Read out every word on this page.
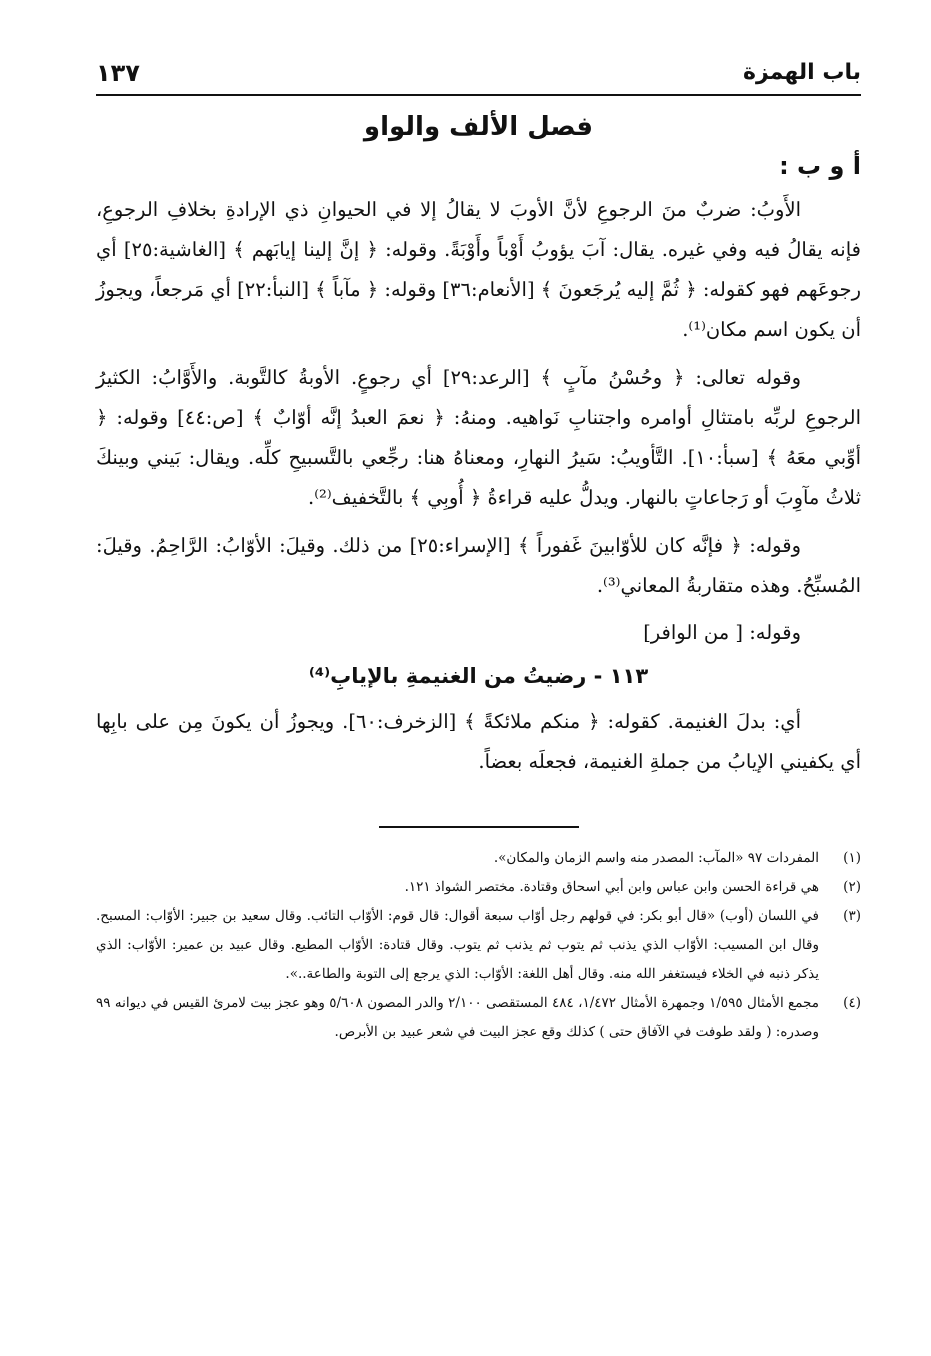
باب الهمزة
١٣٧
فصل الألف والواو
أ و ب :

الأَوبُ: ضربٌ منَ الرجوعِ لأنَّ الأوبَ لا يقالُ إلا في الحيوانِ ذي الإرادةِ بخلافِ الرجوعِ، فإنه يقالُ فيه وفي غيره. يقال: آبَ يؤوبُ أَوْباً وأَوْبَةً. وقوله: ﴿ إنَّ إلينا إيابَهم ﴾ [الغاشية:٢٥] أي رجوعَهم فهو كقوله: ﴿ ثُمَّ إليه يُرجَعونَ ﴾ [الأنعام:٣٦] وقوله: ﴿ مآباً ﴾ [النبأ:٢٢] أي مَرجعاً، ويجوزُ أن يكون اسم مكان⁽¹⁾.

وقوله تعالى: ﴿ وحُسْنُ مآبٍ ﴾ [الرعد:٢٩] أي رجوعٍ. الأوبةُ كالتَّوبة. والأَوَّابُ: الكثيرُ الرجوعِ لربِّه بامتثالِ أوامره واجتنابِ نَواهيه. ومنهُ: ﴿ نعمَ العبدُ إنَّه أوّابٌ ﴾ [ص:٤٤] وقوله: ﴿ أوِّبي معَهُ ﴾ [سبأ:١٠]. التَّأويبُ: سَيرُ النهارِ، ومعناهُ هنا: رجِّعي بالتَّسبيحِ كلِّه. ويقال: بَيني وبينكَ ثلاثُ مآوِبَ أو رَجاعاتٍ بالنهار. ويدلُّ عليه قراءةُ ﴿ أُوبِي ﴾ بالتَّخفيف⁽²⁾.

وقوله: ﴿ فإنَّه كان للأوّابينَ غَفوراً ﴾ [الإسراء:٢٥] من ذلك. وقيلَ: الأوّابُ: الرَّاحِمُ. وقيلَ: المُسبِّحُ. وهذه متقاربةُ المعاني⁽³⁾.

وقوله: [ من الوافر]
١١٣ - رضيتُ من الغنيمةِ بالإيابِ⁽⁴⁾

أي: بدلَ الغنيمة. كقوله: ﴿ منكم ملائكةً ﴾ [الزخرف:٦٠]. ويجوزُ أن يكونَ مِن على بابِها أي يكفيني الإيابُ من جملةِ الغنيمة، فجعلَه بعضاً.

(١)
المفردات ٩٧ «المآب: المصدر منه واسم الزمان والمكان».
(٢)
هي قراءة الحسن وابن عباس وابن أبي اسحاق وقتادة. مختصر الشواذ ١٢١.
(٣)
في اللسان (أوب) «قال أبو بكر: في قولهم رجل أوّاب سبعة أقوال: قال قوم: الأوّاب التائب. وقال سعيد بن جبير: الأوّاب: المسبح. وقال ابن المسيب: الأوّاب الذي يذنب ثم يتوب ثم يذنب ثم يتوب. وقال قتادة: الأوّاب المطيع. وقال عبيد بن عمير: الأوّاب: الذي يذكر ذنبه في الخلاء فيستغفر الله منه. وقال أهل اللغة: الأوّاب: الذي يرجع إلى التوبة والطاعة..».
(٤)
مجمع الأمثال ١/٥٩٥ وجمهرة الأمثال ١/٤٧٢، ٤٨٤ المستقصى ٢/١٠٠ والدر المصون ٥/٦٠٨ وهو عجز بيت لامرئ القيس في ديوانه ٩٩ وصدره: ( ولقد طوفت في الآفاق حتى ) كذلك وقع عجز البيت في شعر عبيد بن الأبرص.
